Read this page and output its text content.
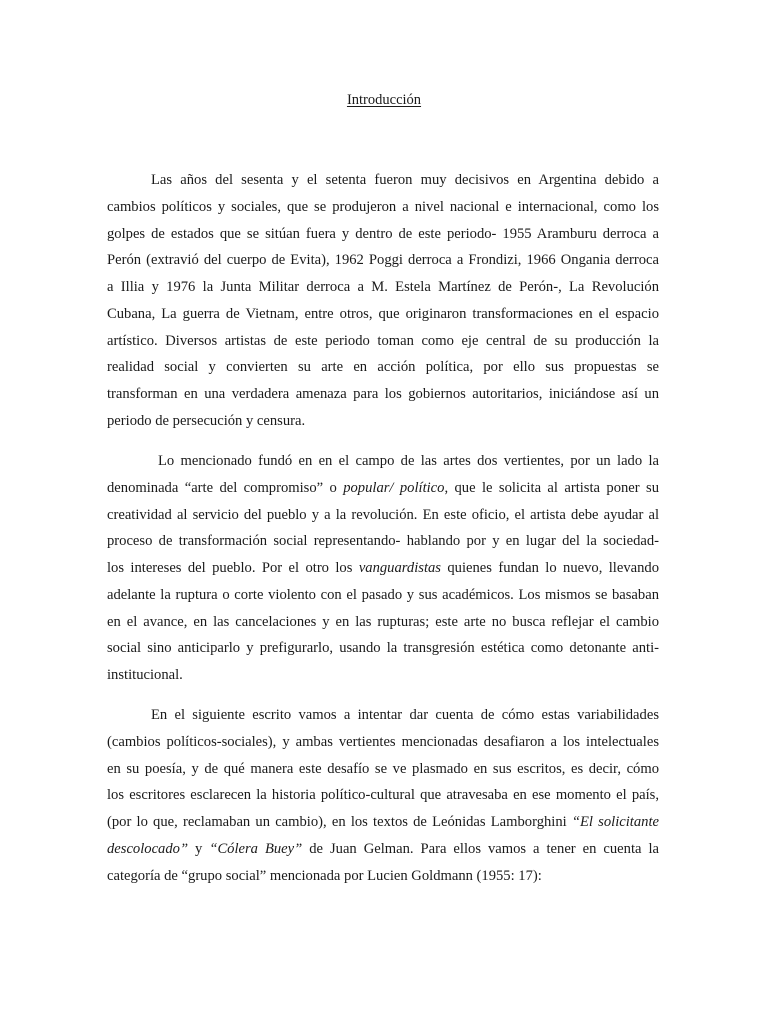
Introducción
Las años del sesenta y el setenta fueron muy decisivos en Argentina debido a
cambios políticos y sociales, que se produjeron a nivel nacional e internacional, como los
golpes de estados que se sitúan fuera y dentro de este periodo- 1955 Aramburu derroca a
Perón (extravió del cuerpo de Evita), 1962 Poggi derroca a Frondizi, 1966 Ongania derroca
a Illia y 1976 la Junta Militar derroca a M. Estela Martínez de Perón-, La Revolución
Cubana, La guerra de Vietnam, entre otros, que originaron transformaciones en el espacio
artístico. Diversos artistas de este periodo toman como eje central de su producción la
realidad social y convierten su arte en acción política, por ello sus propuestas se
transforman en una verdadera amenaza para los gobiernos autoritarios, iniciándose así un
periodo de persecución y censura.
Lo mencionado fundó en en el campo de las artes dos vertientes, por un lado la
denominada “arte del compromiso” o popular/ político, que le solicita al artista poner su
creatividad al servicio del pueblo y a la revolución. En este oficio, el artista debe ayudar al
proceso de transformación social representando- hablando por y en lugar del la sociedad-
los intereses del pueblo. Por el otro los vanguardistas quienes fundan lo nuevo, llevando
adelante la ruptura o corte violento con el pasado y sus académicos. Los mismos se basaban
en el avance, en las cancelaciones y en las rupturas; este arte no busca reflejar el cambio
social sino anticiparlo y prefigurarlo, usando la transgresión estética como detonante anti-
institucional.
En el siguiente escrito vamos a intentar dar cuenta de cómo estas variabilidades
(cambios políticos-sociales), y ambas vertientes mencionadas desafiaron a los intelectuales
en su poesía, y de qué manera este desafío se ve plasmado en sus escritos, es decir, cómo
los escritores esclarecen la historia político-cultural que atravesaba en ese momento el país,
(por lo que, reclamaban un cambio), en los textos de Leónidas Lamborghini “El solicitante
descolocado” y “Cólera Buey” de Juan Gelman. Para ellos vamos a tener en cuenta la
categoría de “grupo social” mencionada por Lucien Goldmann (1955: 17):
